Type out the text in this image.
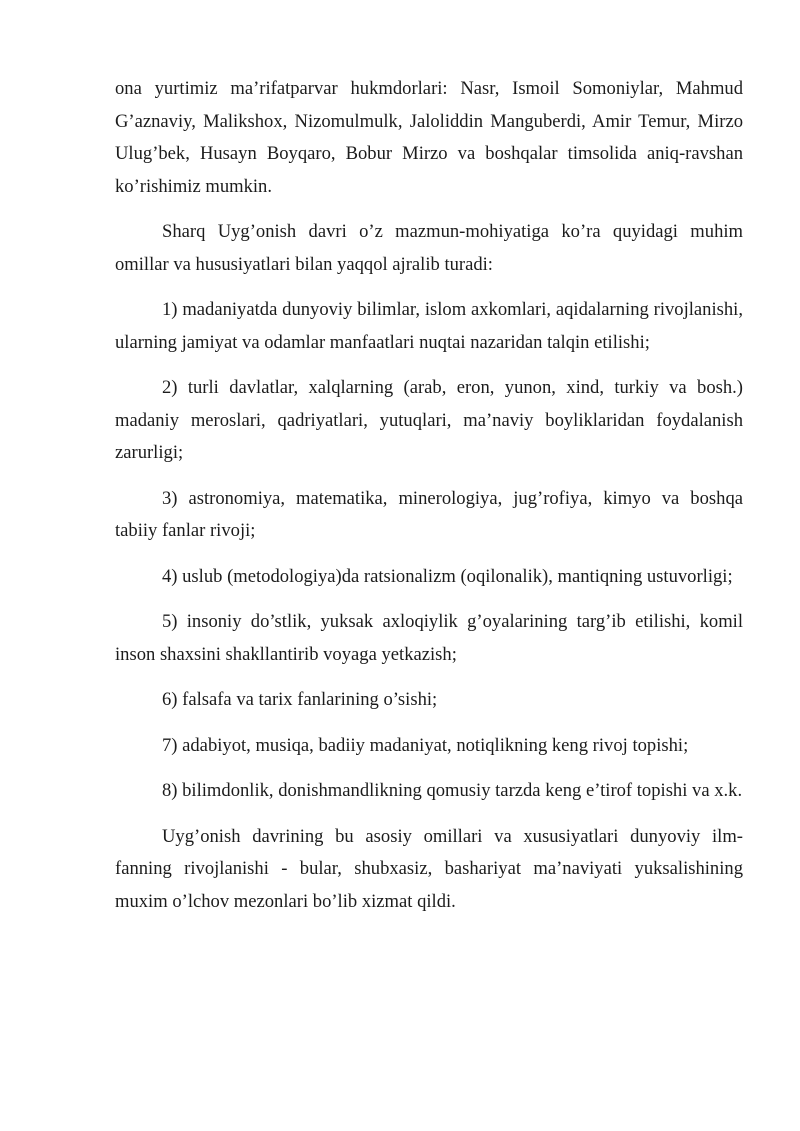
ona yurtimiz ma’rifatparvar hukmdorlari: Nasr, Ismoil Somoniylar, Mahmud G’aznaviy, Malikshox, Nizomulmulk, Jaloliddin Manguberdi, Amir Temur, Mirzo Ulug’bek, Husayn Boyqaro, Bobur Mirzo va boshqalar timsolida aniq-ravshan ko’rishimiz mumkin.

Sharq Uyg’onish davri o’z mazmun-mohiyatiga ko’ra quyidagi muhim omillar va hususiyatlari bilan yaqqol ajralib turadi:

1) madaniyatda dunyoviy bilimlar, islom axkomlari, aqidalarning rivojlanishi, ularning jamiyat va odamlar manfaatlari nuqtai nazaridan talqin etilishi;

2) turli davlatlar, xalqlarning (arab, eron, yunon, xind, turkiy va bosh.) madaniy meroslari, qadriyatlari, yutuqlari, ma’naviy boyliklaridan foydalanish zarurligi;

3) astronomiya, matematika, minerologiya, jug’rofiya, kimyo va boshqa tabiiy fanlar rivoji;

4) uslub (metodologiya)da ratsionalizm (oqilonalik), mantiqning ustuvorligi;

5) insoniy do’stlik, yuksak axloqiylik g’oyalarining targ’ib etilishi, komil inson shaxsini shakllantirib voyaga yetkazish;

6) falsafa va tarix fanlarining o’sishi;

7) adabiyot, musiqa, badiiy madaniyat, notiqlikning keng rivoj topishi;

8) bilimdonlik, donishmandlikning qomusiy tarzda keng e’tirof topishi va x.k.

Uyg’onish davrining bu asosiy omillari va xususiyatlari dunyoviy ilm-fanning rivojlanishi - bular, shubxasiz, bashariyat ma’naviyati yuksalishining muxim o’lchov mezonlari bo’lib xizmat qildi.
